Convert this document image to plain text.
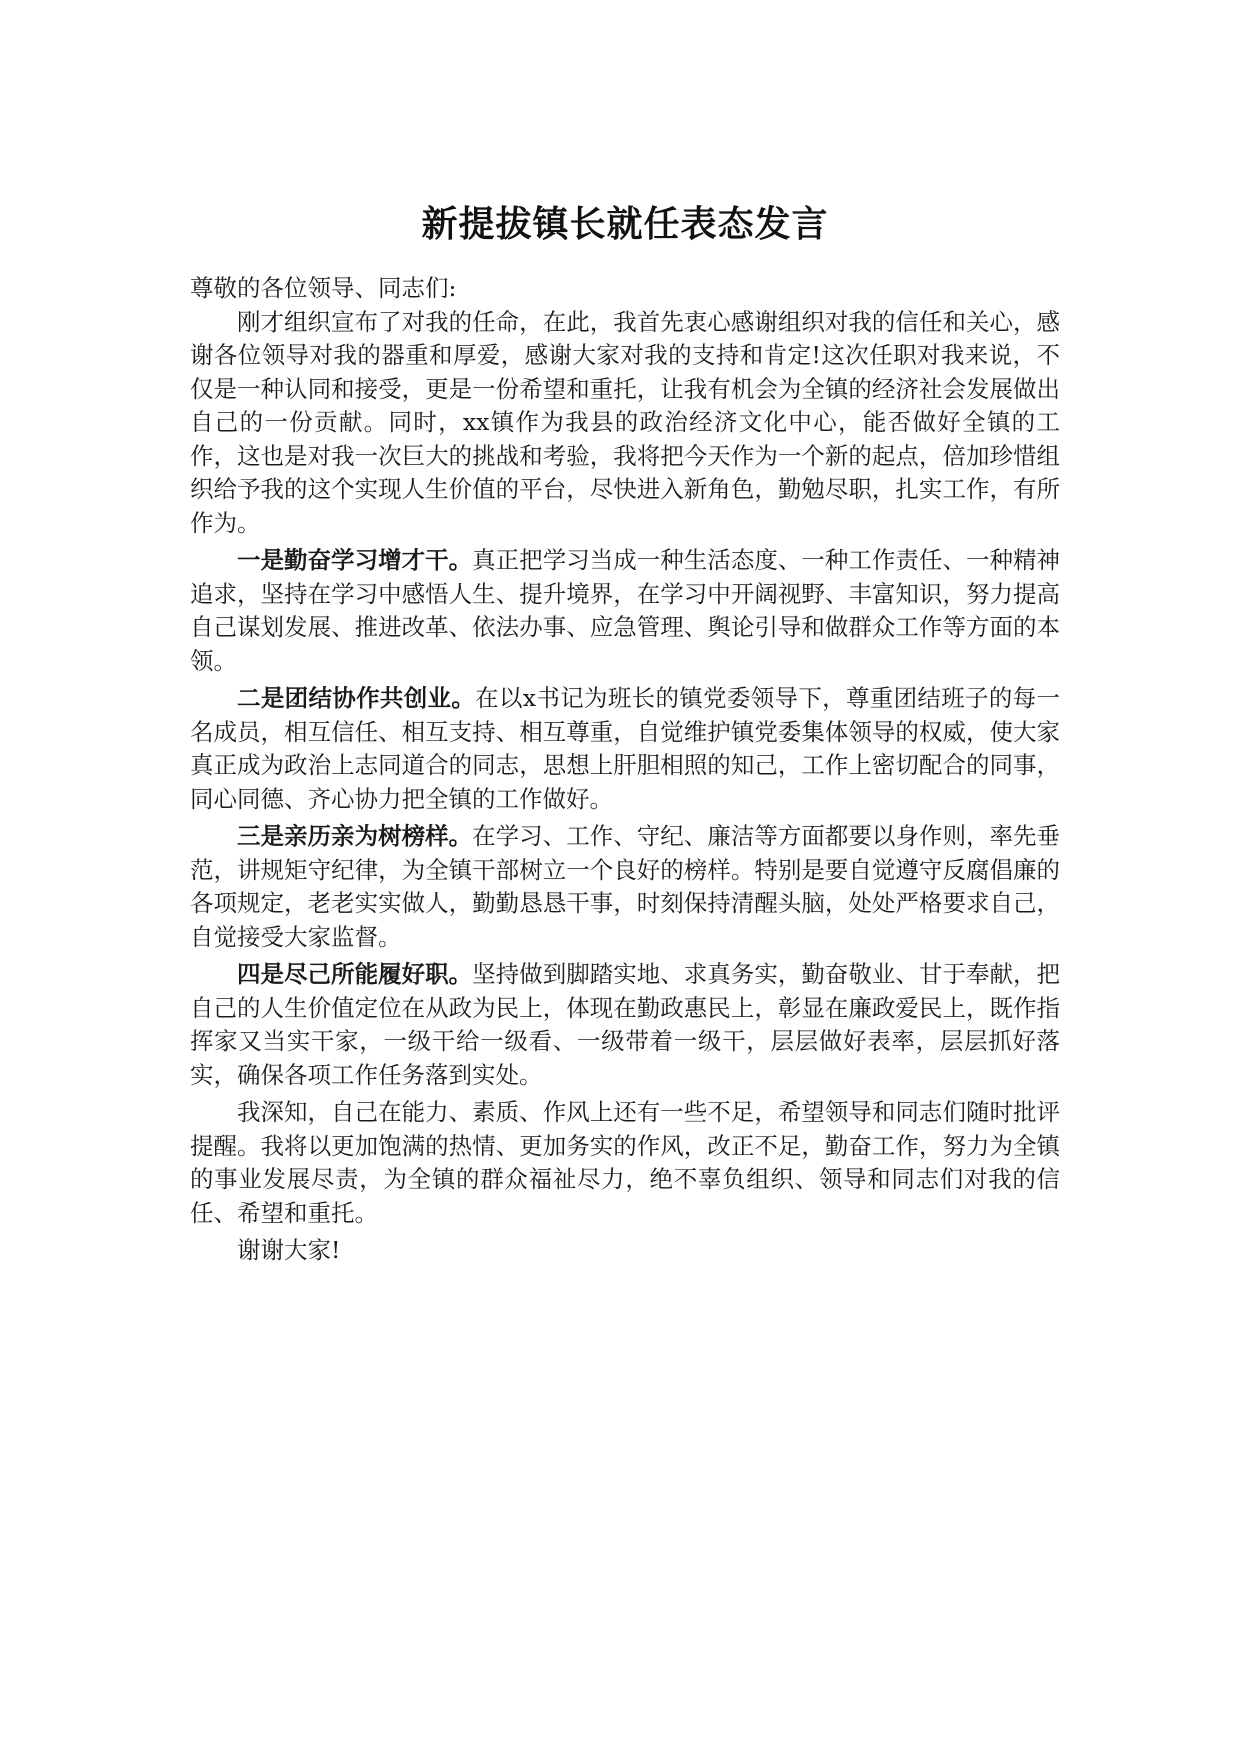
新提拔镇长就任表态发言

尊敬的各位领导、同志们:

刚才组织宣布了对我的任命，在此，我首先衷心感谢组织对我的信任和关心，感谢各位领导对我的器重和厚爱，感谢大家对我的支持和肯定!这次任职对我来说，不仅是一种认同和接受，更是一份希望和重托，让我有机会为全镇的经济社会发展做出自己的一份贡献。同时，xx镇作为我县的政治经济文化中心，能否做好全镇的工作，这也是对我一次巨大的挑战和考验，我将把今天作为一个新的起点，倍加珍惜组织给予我的这个实现人生价值的平台，尽快进入新角色，勤勉尽职，扎实工作，有所作为。

一是勤奋学习增才干。真正把学习当成一种生活态度、一种工作责任、一种精神追求，坚持在学习中感悟人生、提升境界，在学习中开阔视野、丰富知识，努力提高自己谋划发展、推进改革、依法办事、应急管理、舆论引导和做群众工作等方面的本领。

二是团结协作共创业。在以x书记为班长的镇党委领导下，尊重团结班子的每一名成员，相互信任、相互支持、相互尊重，自觉维护镇党委集体领导的权威，使大家真正成为政治上志同道合的同志，思想上肝胆相照的知己，工作上密切配合的同事，同心同德、齐心协力把全镇的工作做好。

三是亲历亲为树榜样。在学习、工作、守纪、廉洁等方面都要以身作则，率先垂范，讲规矩守纪律，为全镇干部树立一个良好的榜样。特别是要自觉遵守反腐倡廉的各项规定，老老实实做人，勤勤恳恳干事，时刻保持清醒头脑，处处严格要求自己，自觉接受大家监督。

四是尽己所能履好职。坚持做到脚踏实地、求真务实，勤奋敬业、甘于奉献，把自己的人生价值定位在从政为民上，体现在勤政惠民上，彰显在廉政爱民上，既作指挥家又当实干家，一级干给一级看、一级带着一级干，层层做好表率，层层抓好落实，确保各项工作任务落到实处。

我深知，自己在能力、素质、作风上还有一些不足，希望领导和同志们随时批评提醒。我将以更加饱满的热情、更加务实的作风，改正不足，勤奋工作，努力为全镇的事业发展尽责，为全镇的群众福祉尽力，绝不辜负组织、领导和同志们对我的信任、希望和重托。

谢谢大家!
